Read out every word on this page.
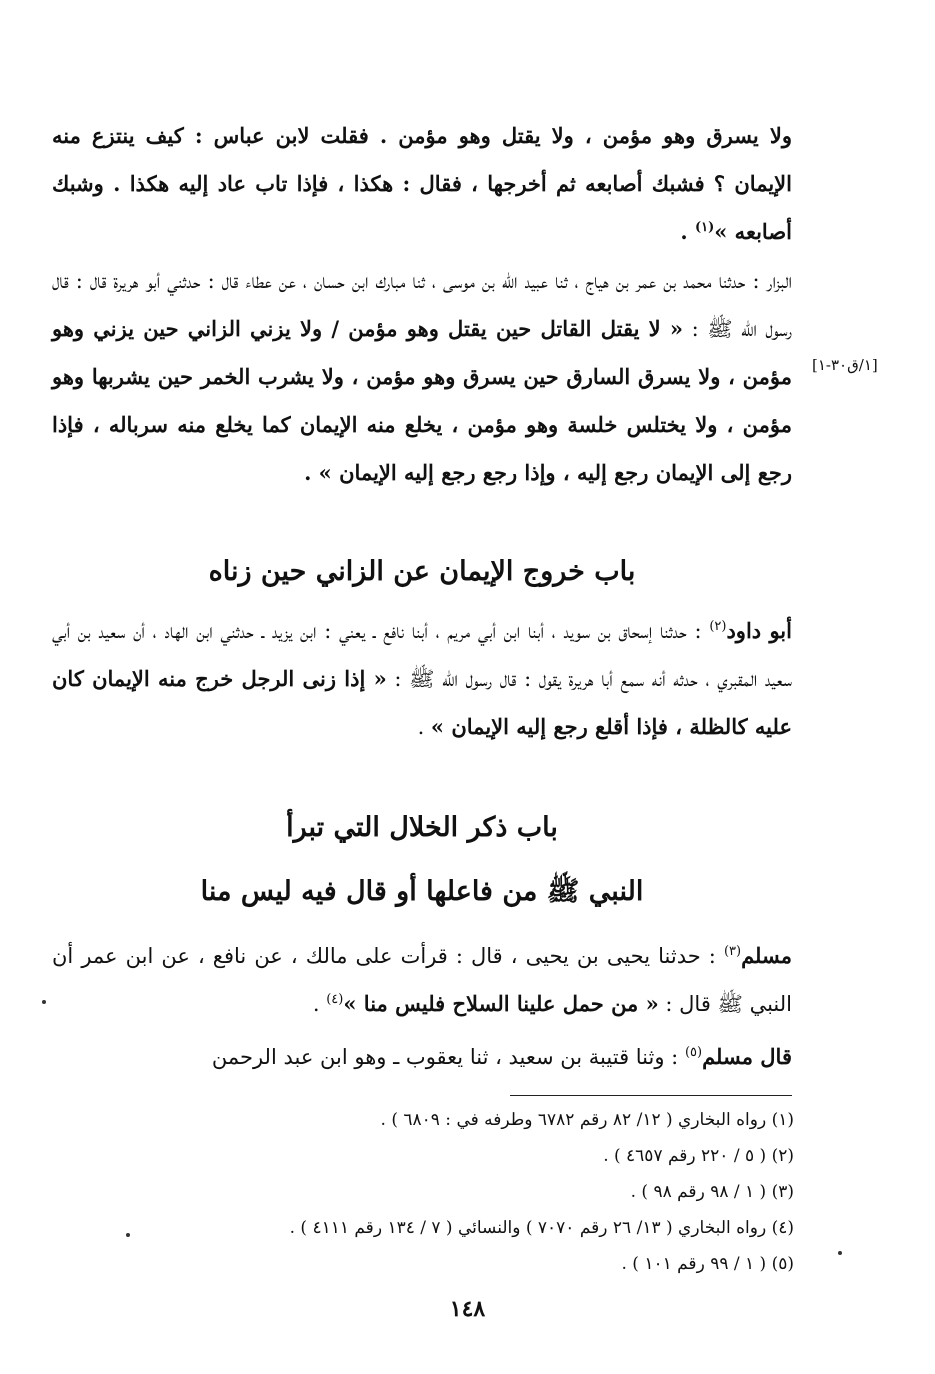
ولا يسرق وهو مؤمن ، ولا يقتل وهو مؤمن . فقلت لابن عباس : كيف ينتزع منه الإيمان ؟ فشبك أصابعه ثم أخرجها ، فقال : هكذا ، فإذا تاب عاد إليه هكذا . وشبك أصابعه »$^{(١)}$ .
البزار : حدثنا محمد بن عمر بن هياج ، ثنا عبيد الله بن موسى ، ثنا مبارك ابن حسان ، عن عطاء قال : حدثني أبو هريرة قال : قال رسول الله ﷺ : « لا يقتل القاتل حين يقتل وهو مؤمن / ولا يزني الزاني حين يزني وهو مؤمن ، ولا يسرق السارق حين يسرق وهو مؤمن ، ولا يشرب الخمر حين يشربها وهو مؤمن ، ولا يختلس خلسة وهو مؤمن ، يخلع منه الإيمان كما يخلع منه سرباله ، فإذا رجع إلى الإيمان رجع إليه ، وإذا رجع رجع إليه الإيمان » .
[١/ق٣٠-١]
باب خروج الإيمان عن الزاني حين زناه
أبو داود$^{(٢)}$ : حدثنا إسحاق بن سويد ، أبنا ابن أبي مريم ، أبنا نافع ـ يعني : ابن يزيد ـ حدثني ابن الهاد ، أن سعيد بن أبي سعيد المقبري ، حدثه أنه سمع أبا هريرة يقول : قال رسول الله ﷺ : « إذا زنى الرجل خرج منه الإيمان كان عليه كالظلة ، فإذا أقلع رجع إليه الإيمان » .
باب ذكر الخلال التي تبرأ
النبي ﷺ من فاعلها أو قال فيه ليس منا
مسلم$^{(٣)}$ : حدثنا يحيى بن يحيى ، قال : قرأت على مالك ، عن نافع ، عن ابن عمر أن النبي ﷺ قال : « من حمل علينا السلاح فليس منا »$^{(٤)}$ .
قال مسلم$^{(٥)}$ : وثنا قتيبة بن سعيد ، ثنا يعقوب ـ وهو ابن عبد الرحمن
(١) رواه البخاري ( ١٢/ ٨٢ رقم ٦٧٨٢ وطرفه في : ٦٨٠٩ ) .
(٢) ( ٥ / ٢٢٠ رقم ٤٦٥٧ ) .
(٣) ( ١ / ٩٨ رقم ٩٨ ) .
(٤) رواه البخاري ( ١٣/ ٢٦ رقم ٧٠٧٠ ) والنسائي ( ٧ / ١٣٤ رقم ٤١١١ ) .
(٥) ( ١ / ٩٩ رقم ١٠١ ) .
١٤٨
